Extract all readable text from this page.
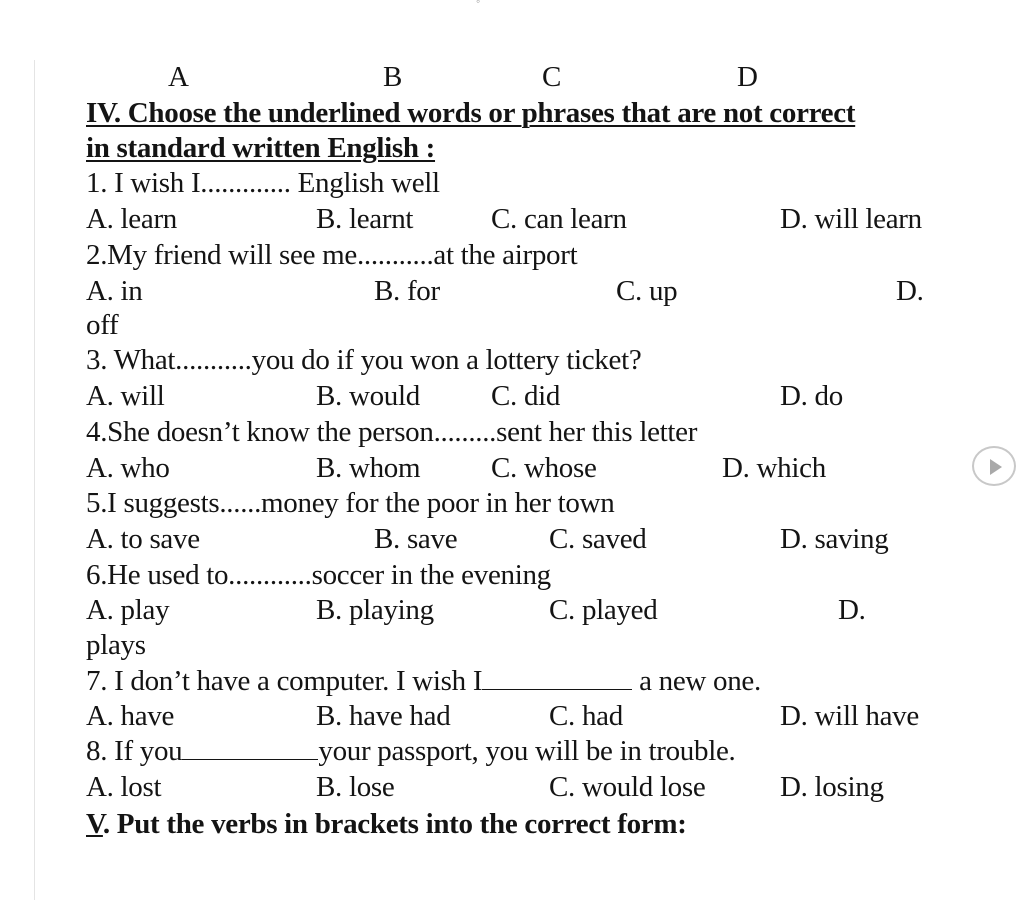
◦
A	B	C	D
IV. Choose the underlined words or phrases that are not correct
in standard written English :
1. I wish I............. English well
A. learn	B. learnt	C. can learn	D. will learn
2.My friend will see me...........at the airport
A. in	B. for	C. up	D.
off
3. What...........you do if you won a lottery ticket?
A. will	B. would C. did	D. do
4.She doesn’t know the person.........sent her this letter
A. who	B. whom C. whose	D. which
5.I suggests......money for the poor in her town
A. to save	B. save	C. saved	D. saving
6.He used to............soccer in the evening
A. play	B. playing	C. played	D.
plays
7. I don’t have a computer. I wish I	a new one.
A. have	B. have had	C. had	D. will have
8. If you	your passport, you will be in trouble.
A. lost	B. lose	C. would lose	D. losing
V. Put the verbs in brackets into the correct form:
